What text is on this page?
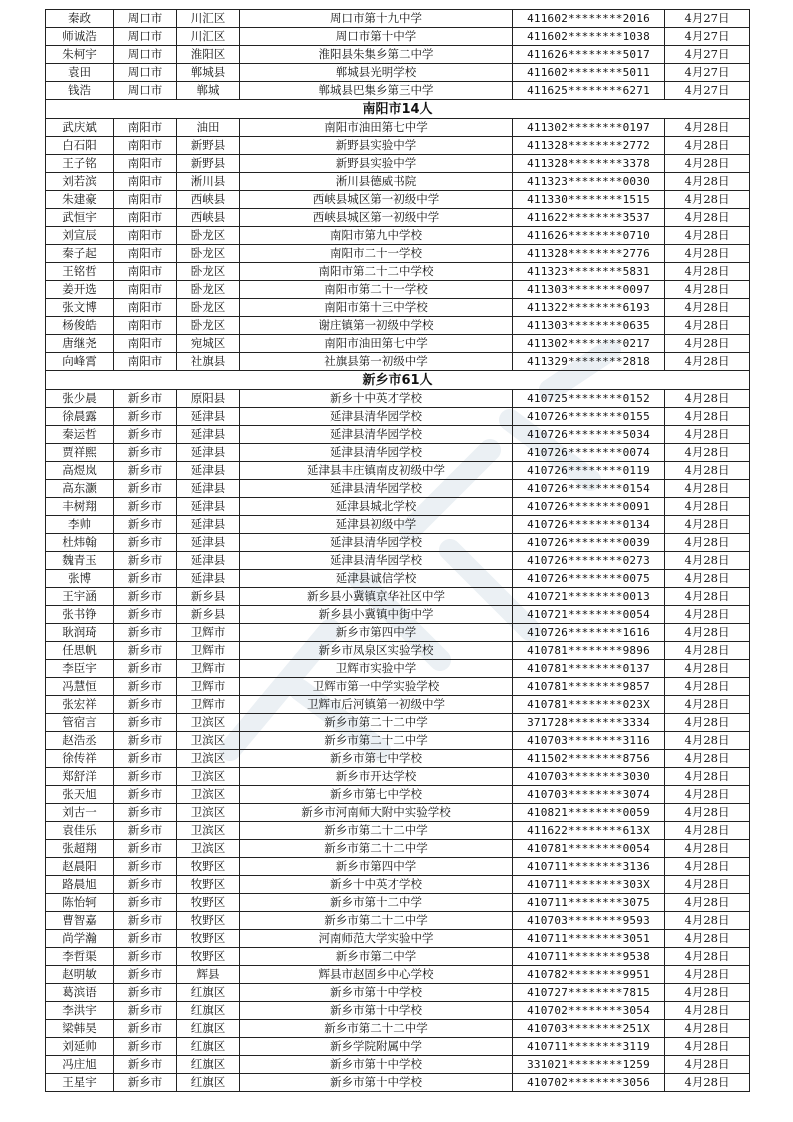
秦政	周口市	川汇区	周口市第十九中学	411602********2016	4月27日
师诚浩	周口市	川汇区	周口市第十中学	411602********1038	4月27日
朱柯宇	周口市	淮阳区	淮阳县朱集乡第二中学	411626********5017	4月27日
袁田	周口市	郸城县	郸城县光明学校	411602********5011	4月27日
钱浩	周口市	郸城	郸城县巴集乡第三中学	411625********6271	4月27日
南阳市14人					
武庆斌	南阳市	油田	南阳市油田第七中学	411302********0197	4月28日
白石阳	南阳市	新野县	新野县实验中学	411328********2772	4月28日
王子铭	南阳市	新野县	新野县实验中学	411328********3378	4月28日
刘若滨	南阳市	淅川县	淅川县德威书院	411323********0030	4月28日
朱建豪	南阳市	西峡县	西峡县城区第一初级中学	411330********1515	4月28日
武恒宇	南阳市	西峡县	西峡县城区第一初级中学	411622********3537	4月28日
刘宣辰	南阳市	卧龙区	南阳市第九中学校	411626********0710	4月28日
秦子起	南阳市	卧龙区	南阳市二十一学校	411328********2776	4月28日
王铭哲	南阳市	卧龙区	南阳市第二十二中学校	411323********5831	4月28日
姜开选	南阳市	卧龙区	南阳市第二十一学校	411303********0097	4月28日
张文博	南阳市	卧龙区	南阳市第十三中学校	411322********6193	4月28日
杨俊皓	南阳市	卧龙区	谢庄镇第一初级中学校	411303********0635	4月28日
唐继尧	南阳市	宛城区	南阳市油田第七中学	411302********0217	4月28日
向峰霄	南阳市	社旗县	社旗县第一初级中学	411329********2818	4月28日
新乡市61人					
张少晨	新乡市	原阳县	新乡十中英才学校	410725********0152	4月28日
徐晨露	新乡市	延津县	延津县清华园学校	410726********0155	4月28日
秦运哲	新乡市	延津县	延津县清华园学校	410726********5034	4月28日
贾祥熙	新乡市	延津县	延津县清华园学校	410726********0074	4月28日
高煜岚	新乡市	延津县	延津县丰庄镇南皮初级中学	410726********0119	4月28日
高东灏	新乡市	延津县	延津县清华园学校	410726********0154	4月28日
丰树翔	新乡市	延津县	延津县城北学校	410726********0091	4月28日
李帅	新乡市	延津县	延津县初级中学	410726********0134	4月28日
杜炜翰	新乡市	延津县	延津县清华园学校	410726********0039	4月28日
魏青玉	新乡市	延津县	延津县清华园学校	410726********0273	4月28日
张博	新乡市	延津县	延津县诚信学校	410726********0075	4月28日
王宇涵	新乡市	新乡县	新乡县小冀镇京华社区中学	410721********0013	4月28日
张书铮	新乡市	新乡县	新乡县小冀镇中街中学	410721********0054	4月28日
耿润琦	新乡市	卫辉市	新乡市第四中学	410726********1616	4月28日
任思帆	新乡市	卫辉市	新乡市凤泉区实验学校	410781********9896	4月28日
李臣宇	新乡市	卫辉市	卫辉市实验中学	410781********0137	4月28日
冯慧恒	新乡市	卫辉市	卫辉市第一中学实验学校	410781********9857	4月28日
张宏祥	新乡市	卫辉市	卫辉市后河镇第一初级中学	410781********023X	4月28日
管宿言	新乡市	卫滨区	新乡市第二十二中学	371728********3334	4月28日
赵浩丞	新乡市	卫滨区	新乡市第二十二中学	410703********3116	4月28日
徐传祥	新乡市	卫滨区	新乡市第七中学校	411502********8756	4月28日
郑舒洋	新乡市	卫滨区	新乡市开达学校	410703********3030	4月28日
张天旭	新乡市	卫滨区	新乡市第七中学校	410703********3074	4月28日
刘古一	新乡市	卫滨区	新乡市河南师大附中实验学校	410821********0059	4月28日
袁佳乐	新乡市	卫滨区	新乡市第二十二中学	411622********613X	4月28日
张超翔	新乡市	卫滨区	新乡市第二十二中学	410781********0054	4月28日
赵晨阳	新乡市	牧野区	新乡市第四中学	410711********3136	4月28日
路晨旭	新乡市	牧野区	新乡十中英才学校	410711********303X	4月28日
陈怡轲	新乡市	牧野区	新乡市第十二中学	410711********3075	4月28日
曹智嘉	新乡市	牧野区	新乡市第二十二中学	410703********9593	4月28日
尚学瀚	新乡市	牧野区	河南师范大学实验中学	410711********3051	4月28日
李哲渠	新乡市	牧野区	新乡市第二中学	410711********9538	4月28日
赵明敏	新乡市	辉县	辉县市赵固乡中心学校	410782********9951	4月28日
葛滨语	新乡市	红旗区	新乡市第十中学校	410727********7815	4月28日
李洪宇	新乡市	红旗区	新乡市第十中学校	410702********3054	4月28日
梁韩昊	新乡市	红旗区	新乡市第二十二中学	410703********251X	4月28日
刘延帅	新乡市	红旗区	新乡学院附属中学	410711********3119	4月28日
冯庄旭	新乡市	红旗区	新乡市第十中学校	331021********1259	4月28日
王星宇	新乡市	红旗区	新乡市第十中学校	410702********3056	4月28日
